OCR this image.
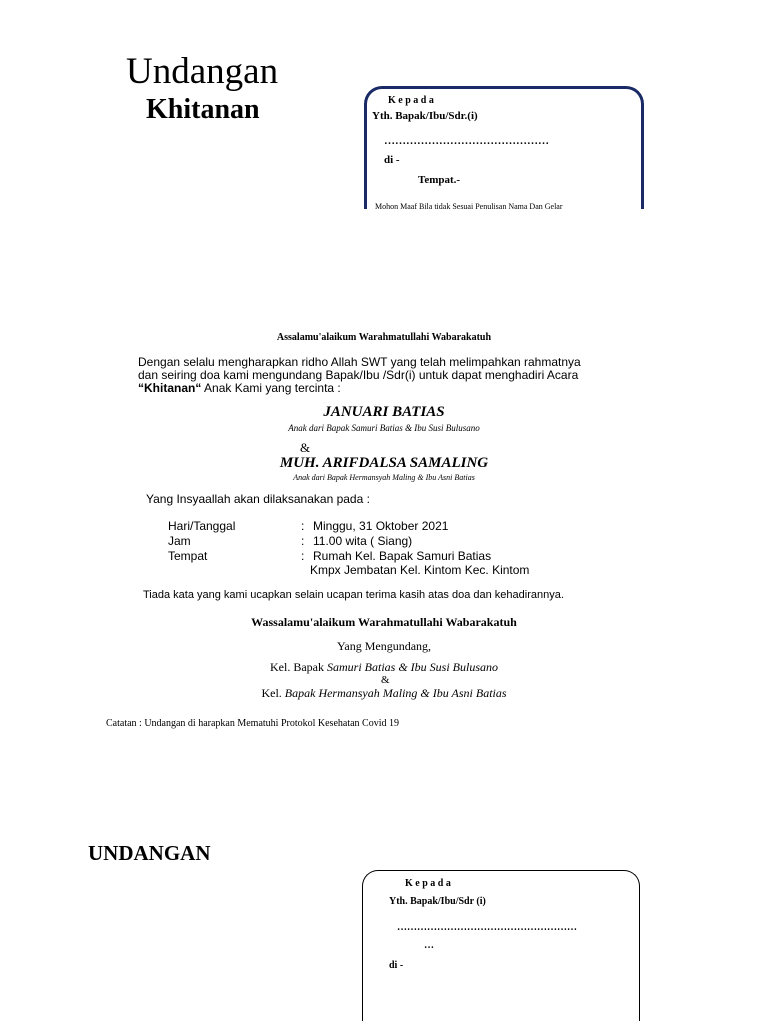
Undangan
Khitanan	K e p a d a
Yth. Bapak/Ibu/Sdr.(i)
………………………………………
di -
Tempat.-
Mohon Maaf Bila tidak Sesuai Penulisan Nama Dan Gelar
Assalamu'alaikum Warahmatullahi Wabarakatuh
Dengan selalu mengharapkan ridho Allah SWT yang telah melimpahkan rahmatnya
dan seiring doa kami mengundang Bapak/Ibu /Sdr(i) untuk dapat menghadiri Acara
“Khitanan“ Anak Kami yang tercinta :
JANUARI BATIAS
Anak dari Bapak Samuri Batias & Ibu Susi Bulusano
&
MUH. ARIFDALSA SAMALING
Anak dari Bapak Hermansyah Maling & Ibu Asni Batias
Yang Insyaallah akan dilaksanakan pada :
Hari/Tanggal	: Minggu, 31 Oktober 2021
Jam	: 11.00 wita ( Siang)
Tempat	: Rumah Kel. Bapak Samuri Batias
Kmpx Jembatan Kel. Kintom Kec. Kintom
Tiada kata yang kami ucapkan selain ucapan terima kasih atas doa dan kehadirannya.
Wassalamu'alaikum Warahmatullahi Wabarakatuh
Yang Mengundang,
Kel. Bapak Samuri Batias & Ibu Susi Bulusano
&
Kel. Bapak Hermansyah Maling & Ibu Asni Batias
Catatan : Undangan di harapkan Mematuhi Protokol Kesehatan Covid 19
UNDANGAN
K e p a d a
Yth. Bapak/Ibu/Sdr (i)
………………………………………………
…
di -
